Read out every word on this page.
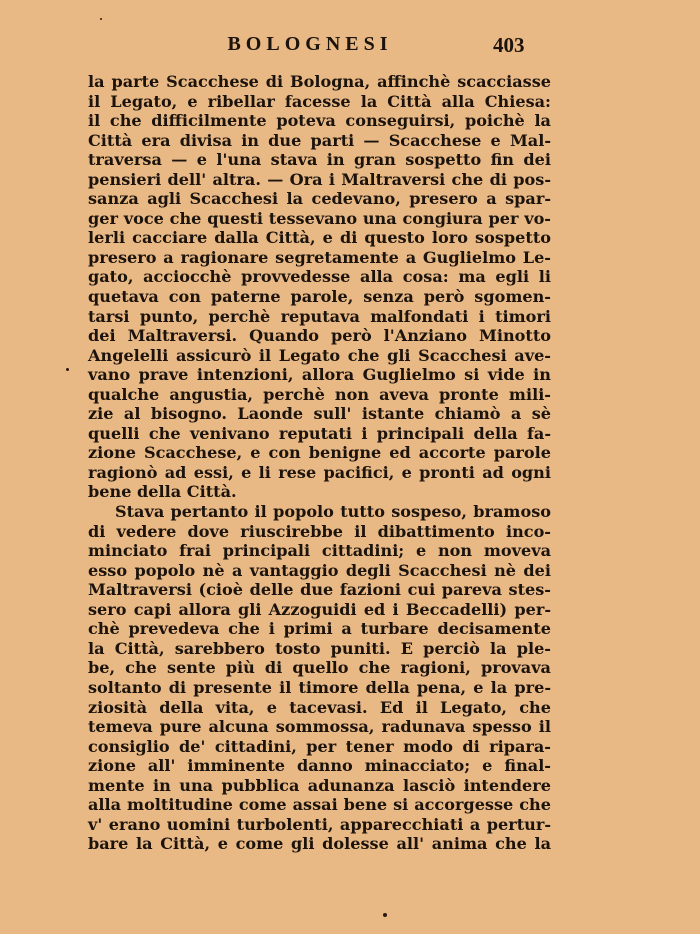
BOLOGNESI	403
la parte Scacchese di Bologna, affinchè scacciasse
il Legato, e ribellar facesse la Città alla Chiesa:
il che difficilmente poteva conseguirsi, poichè la
Città era divisa in due parti — Scacchese e Mal-
traversa — e l'una stava in gran sospetto fin dei
pensieri dell' altra. — Ora i Maltraversi che di pos-
sanza agli Scacchesi la cedevano, presero a spar-
ger voce che questi tessevano una congiura per vo-
lerli cacciare dalla Città, e di questo loro sospetto
presero a ragionare segretamente a Guglielmo Le-
gato, acciocchè provvedesse alla cosa: ma egli li
quetava con paterne parole, senza però sgomen-
tarsi punto, perchè reputava malfondati i timori
dei Maltraversi. Quando però l'Anziano Minotto
Angelelli assicurò il Legato che gli Scacchesi ave-
vano prave intenzioni, allora Guglielmo si vide in
qualche angustia, perchè non aveva pronte mili-
zie al bisogno. Laonde sull' istante chiamò a sè
quelli che venivano reputati i principali della fa-
zione Scacchese, e con benigne ed accorte parole
ragionò ad essi, e li rese pacifici, e pronti ad ogni
bene della Città.
Stava pertanto il popolo tutto sospeso, bramoso
di vedere dove riuscirebbe il dibattimento inco-
minciato frai principali cittadini; e non moveva
esso popolo nè a vantaggio degli Scacchesi nè dei
Maltraversi (cioè delle due fazioni cui pareva stes-
sero capi allora gli Azzoguidi ed i Beccadelli) per-
chè prevedeva che i primi a turbare decisamente
la Città, sarebbero tosto puniti. E perciò la ple-
be, che sente più di quello che ragioni, provava
soltanto di presente il timore della pena, e la pre-
ziosità della vita, e tacevasi. Ed il Legato, che
temeva pure alcuna sommossa, radunava spesso il
consiglio de' cittadini, per tener modo di ripara-
zione all' imminente danno minacciato; e final-
mente in una pubblica adunanza lasciò intendere
alla moltitudine come assai bene si accorgesse che
v' erano uomini turbolenti, apparecchiati a pertur-
bare la Città, e come gli dolesse all' anima che la
